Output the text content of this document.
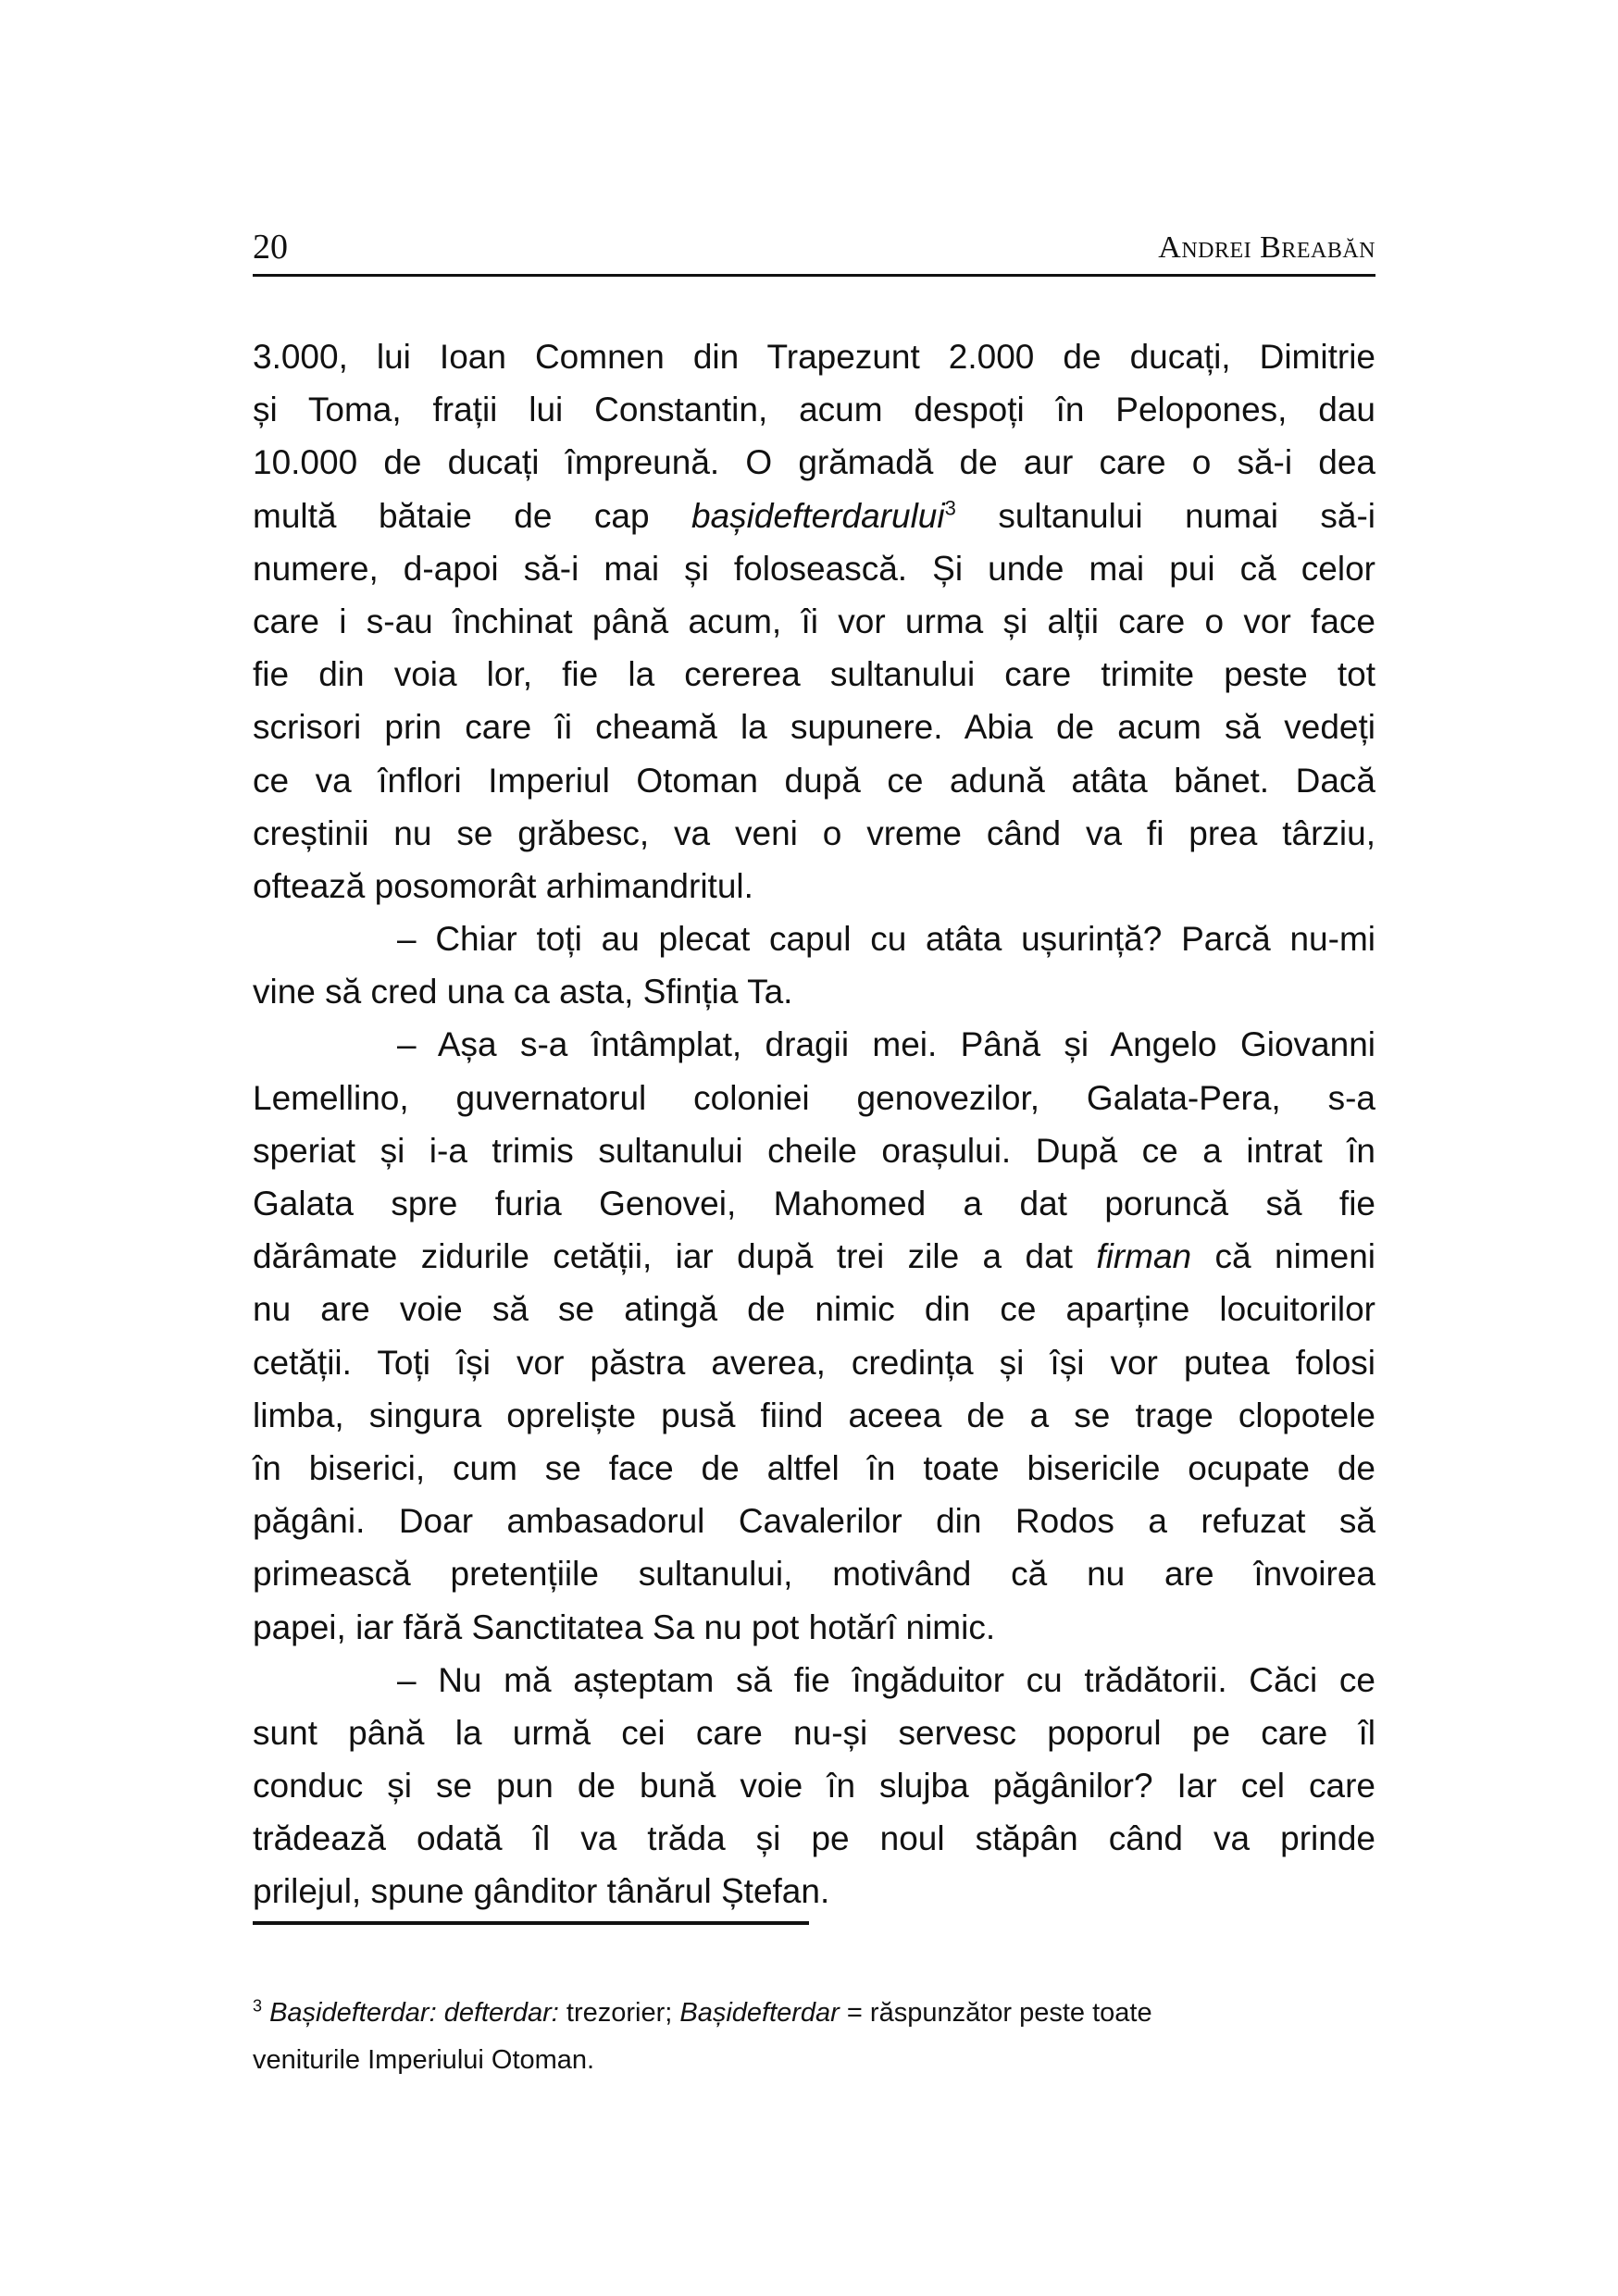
20	Andrei Breabăn
3.000, lui Ioan Comnen din Trapezunt 2.000 de ducați, Dimitrie
și Toma, frații lui Constantin, acum despoți în Pelopones, dau
10.000 de ducați împreună. O grămadă de aur care o să-i dea
multă bătaie de cap bașidefterdarului$^3$ sultanului numai să-i
numere, d-apoi să-i mai și folosească. Și unde mai pui că celor
care i s-au închinat până acum, îi vor urma și alții care o vor face
fie din voia lor, fie la cererea sultanului care trimite peste tot
scrisori prin care îi cheamă la supunere. Abia de acum să vedeți
ce va înflori Imperiul Otoman după ce adună atâta bănet. Dacă
creștinii nu se grăbesc, va veni o vreme când va fi prea târziu,
oftează posomorât arhimandritul.
– Chiar toți au plecat capul cu atâta ușurință? Parcă nu-mi
vine să cred una ca asta, Sfinția Ta.
– Așa s-a întâmplat, dragii mei. Până și Angelo Giovanni
Lemellino, guvernatorul coloniei genovezilor, Galata-Pera, s-a
speriat și i-a trimis sultanului cheile orașului. După ce a intrat în
Galata spre furia Genovei, Mahomed a dat poruncă să fie
dărâmate zidurile cetății, iar după trei zile a dat firman că nimeni
nu are voie să se atingă de nimic din ce aparține locuitorilor
cetății. Toți își vor păstra averea, credința și își vor putea folosi
limba, singura opreliște pusă fiind aceea de a se trage clopotele
în biserici, cum se face de altfel în toate bisericile ocupate de
păgâni. Doar ambasadorul Cavalerilor din Rodos a refuzat să
primească pretențiile sultanului, motivând că nu are învoirea
papei, iar fără Sanctitatea Sa nu pot hotărî nimic.
– Nu mă așteptam să fie îngăduitor cu trădătorii. Căci ce
sunt până la urmă cei care nu-și servesc poporul pe care îl
conduc și se pun de bună voie în slujba păgânilor? Iar cel care
trădează odată îl va trăda și pe noul stăpân când va prinde
prilejul, spune gânditor tânărul Ștefan.
$^3$ Bașidefterdar: defterdar: trezorier; Bașidefterdar = răspunzător peste toate
veniturile Imperiului Otoman.
